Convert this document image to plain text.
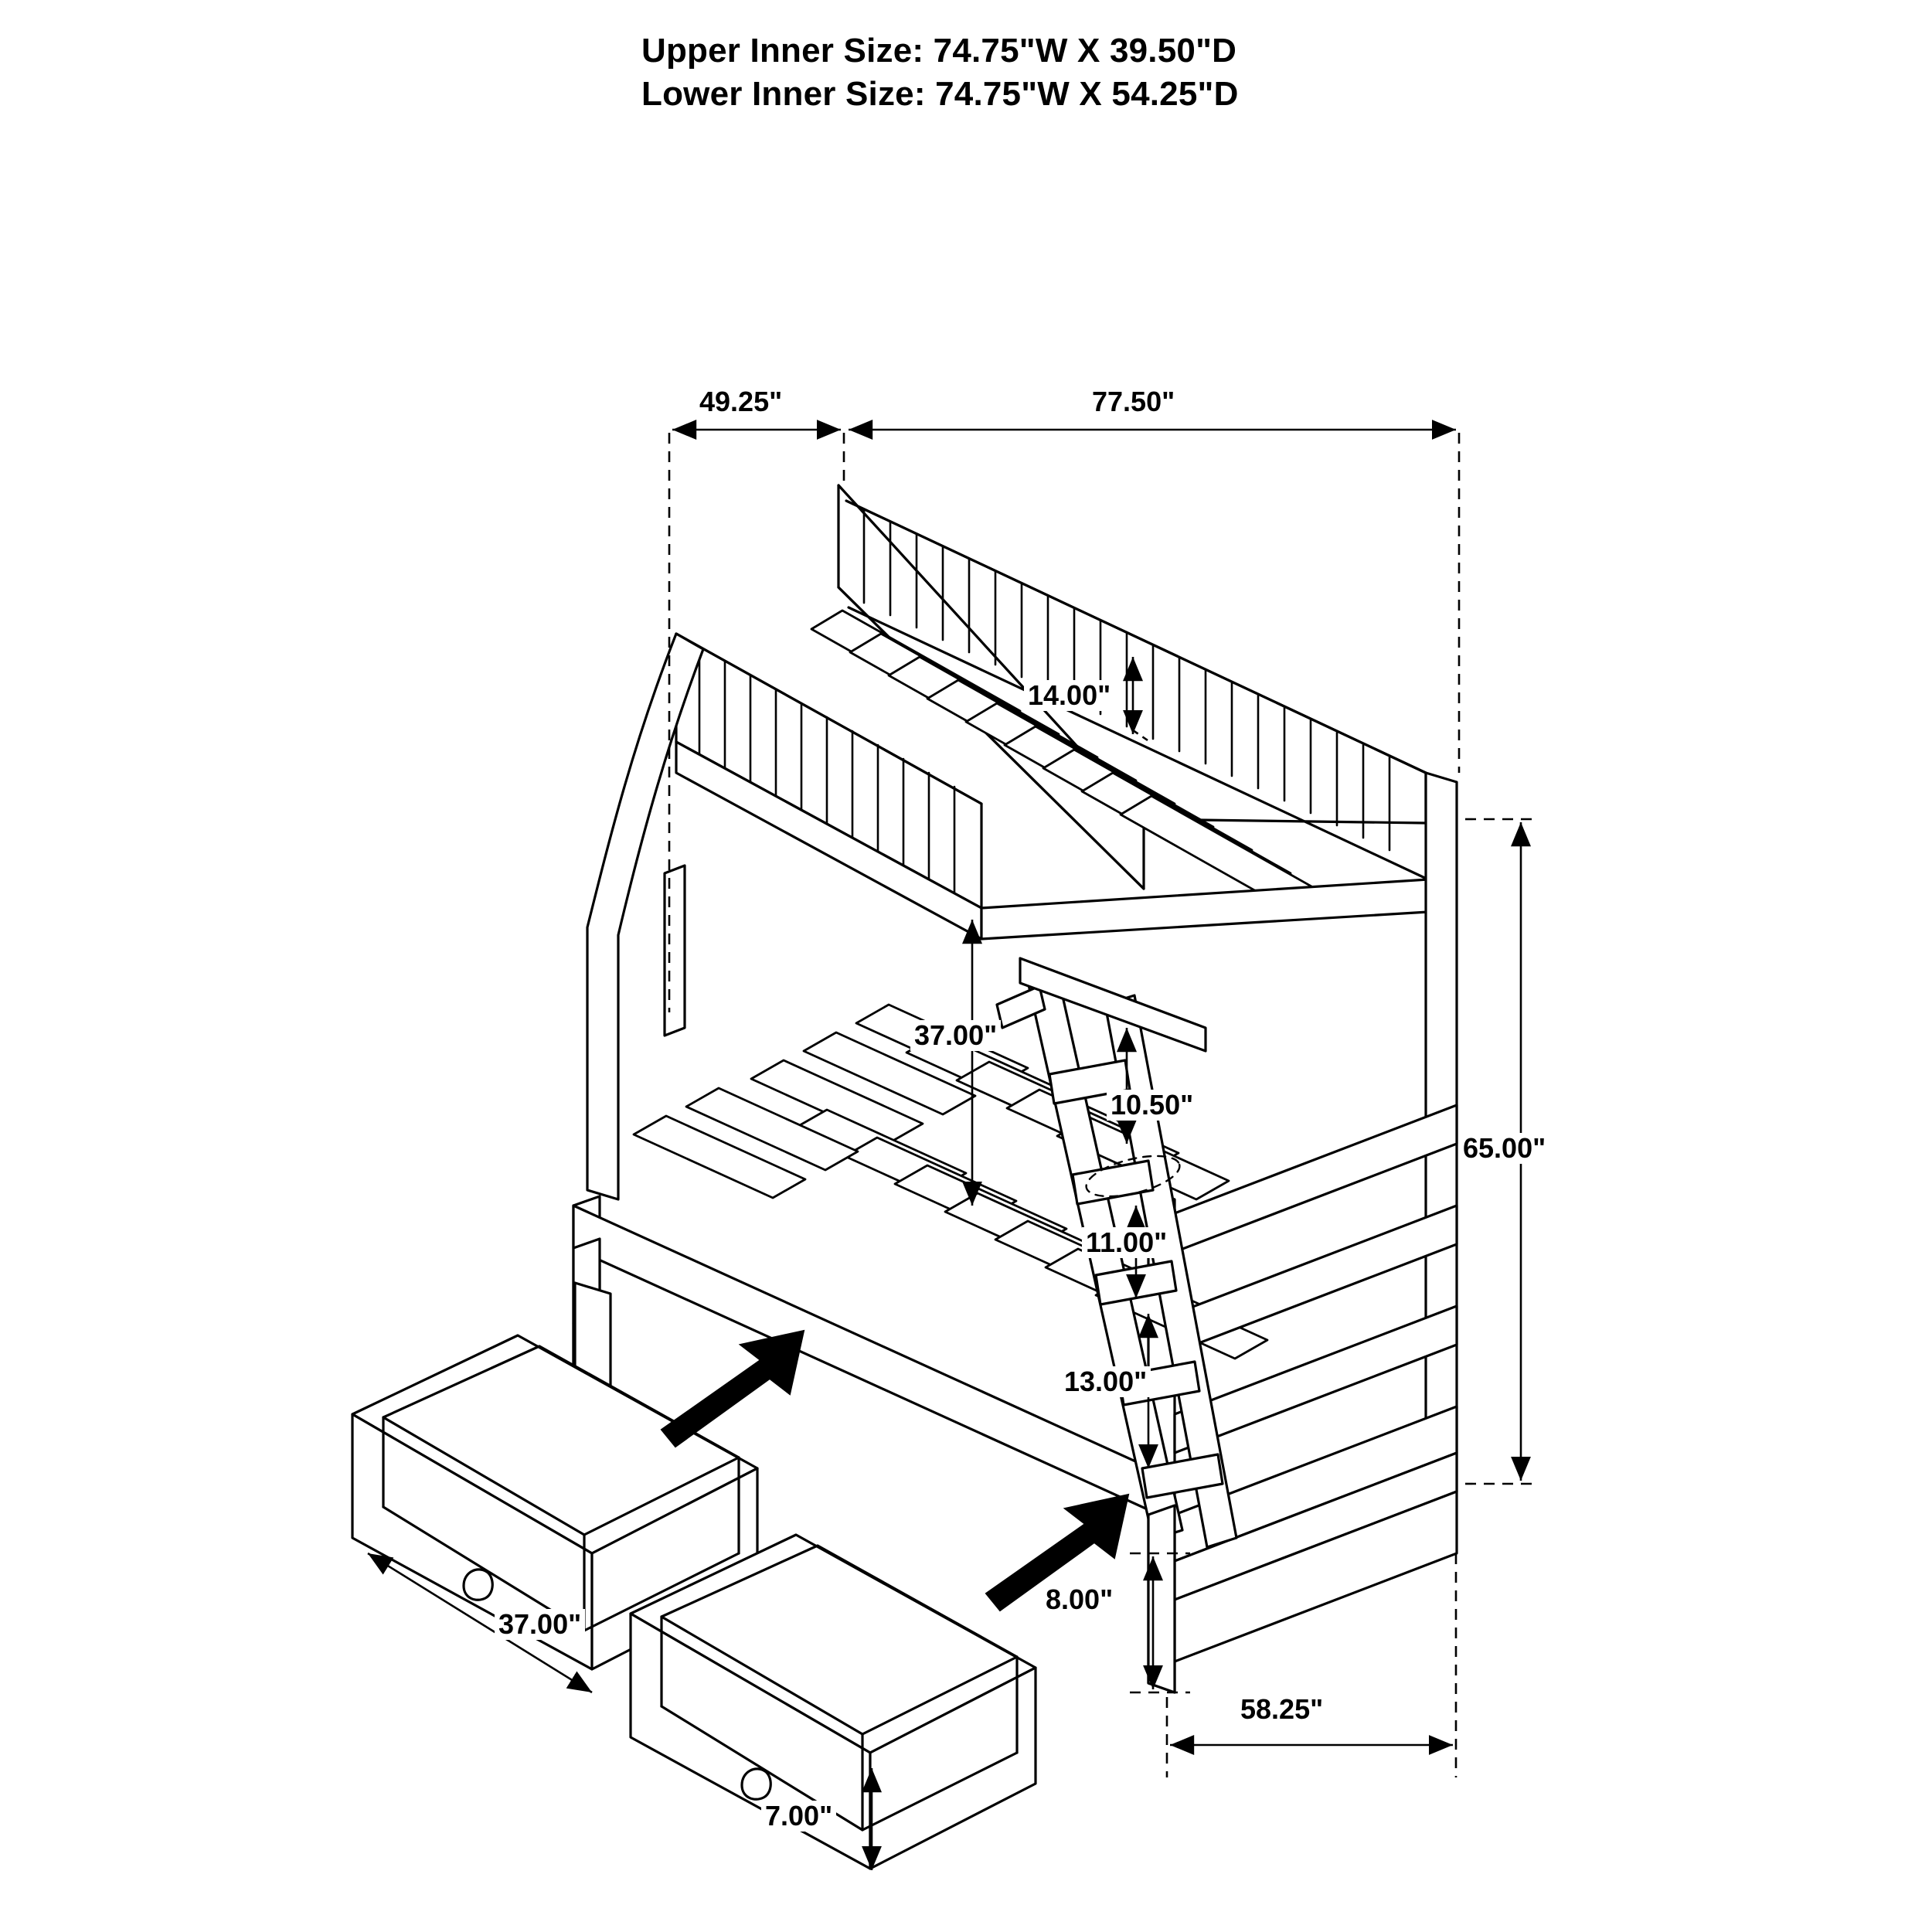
Upper Inner Size: 74.75"W X 39.50"D
Lower Inner Size: 74.75"W X 54.25"D
49.25"	77.50"
14.00"
37.00"
10.50"
11.00"
13.00"
65.00"
8.00"
58.25"
37.00"
7.00"
